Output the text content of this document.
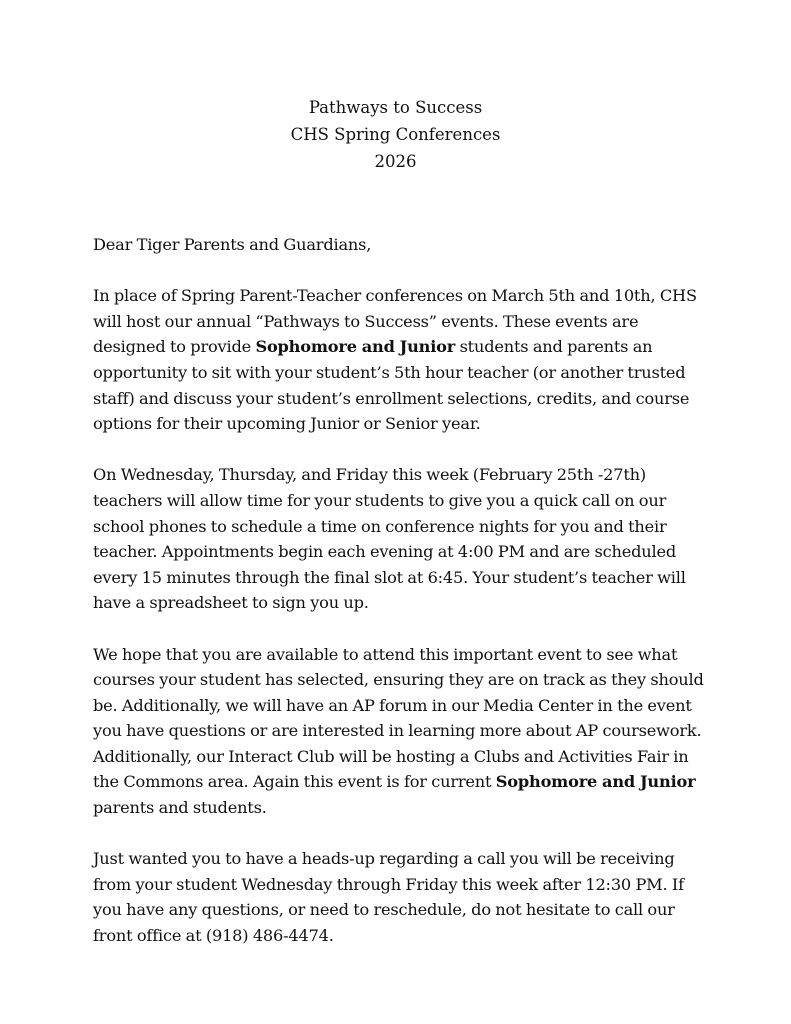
Pathways to Success
CHS Spring Conferences
2026

Dear Tiger Parents and Guardians,

In place of Spring Parent-Teacher conferences on March 5th and 10th, CHS will host our annual “Pathways to Success” events. These events are designed to provide Sophomore and Junior students and parents an opportunity to sit with your student’s 5th hour teacher (or another trusted staff) and discuss your student’s enrollment selections, credits, and course options for their upcoming Junior or Senior year.

On Wednesday, Thursday, and Friday this week (February 25th -27th) teachers will allow time for your students to give you a quick call on our school phones to schedule a time on conference nights for you and their teacher. Appointments begin each evening at 4:00 PM and are scheduled every 15 minutes through the final slot at 6:45. Your student’s teacher will have a spreadsheet to sign you up.

We hope that you are available to attend this important event to see what courses your student has selected, ensuring they are on track as they should be. Additionally, we will have an AP forum in our Media Center in the event you have questions or are interested in learning more about AP coursework. Additionally, our Interact Club will be hosting a Clubs and Activities Fair in the Commons area. Again this event is for current Sophomore and Junior parents and students.

Just wanted you to have a heads-up regarding a call you will be receiving from your student Wednesday through Friday this week after 12:30 PM. If you have any questions, or need to reschedule, do not hesitate to call our front office at (918) 486-4474.
